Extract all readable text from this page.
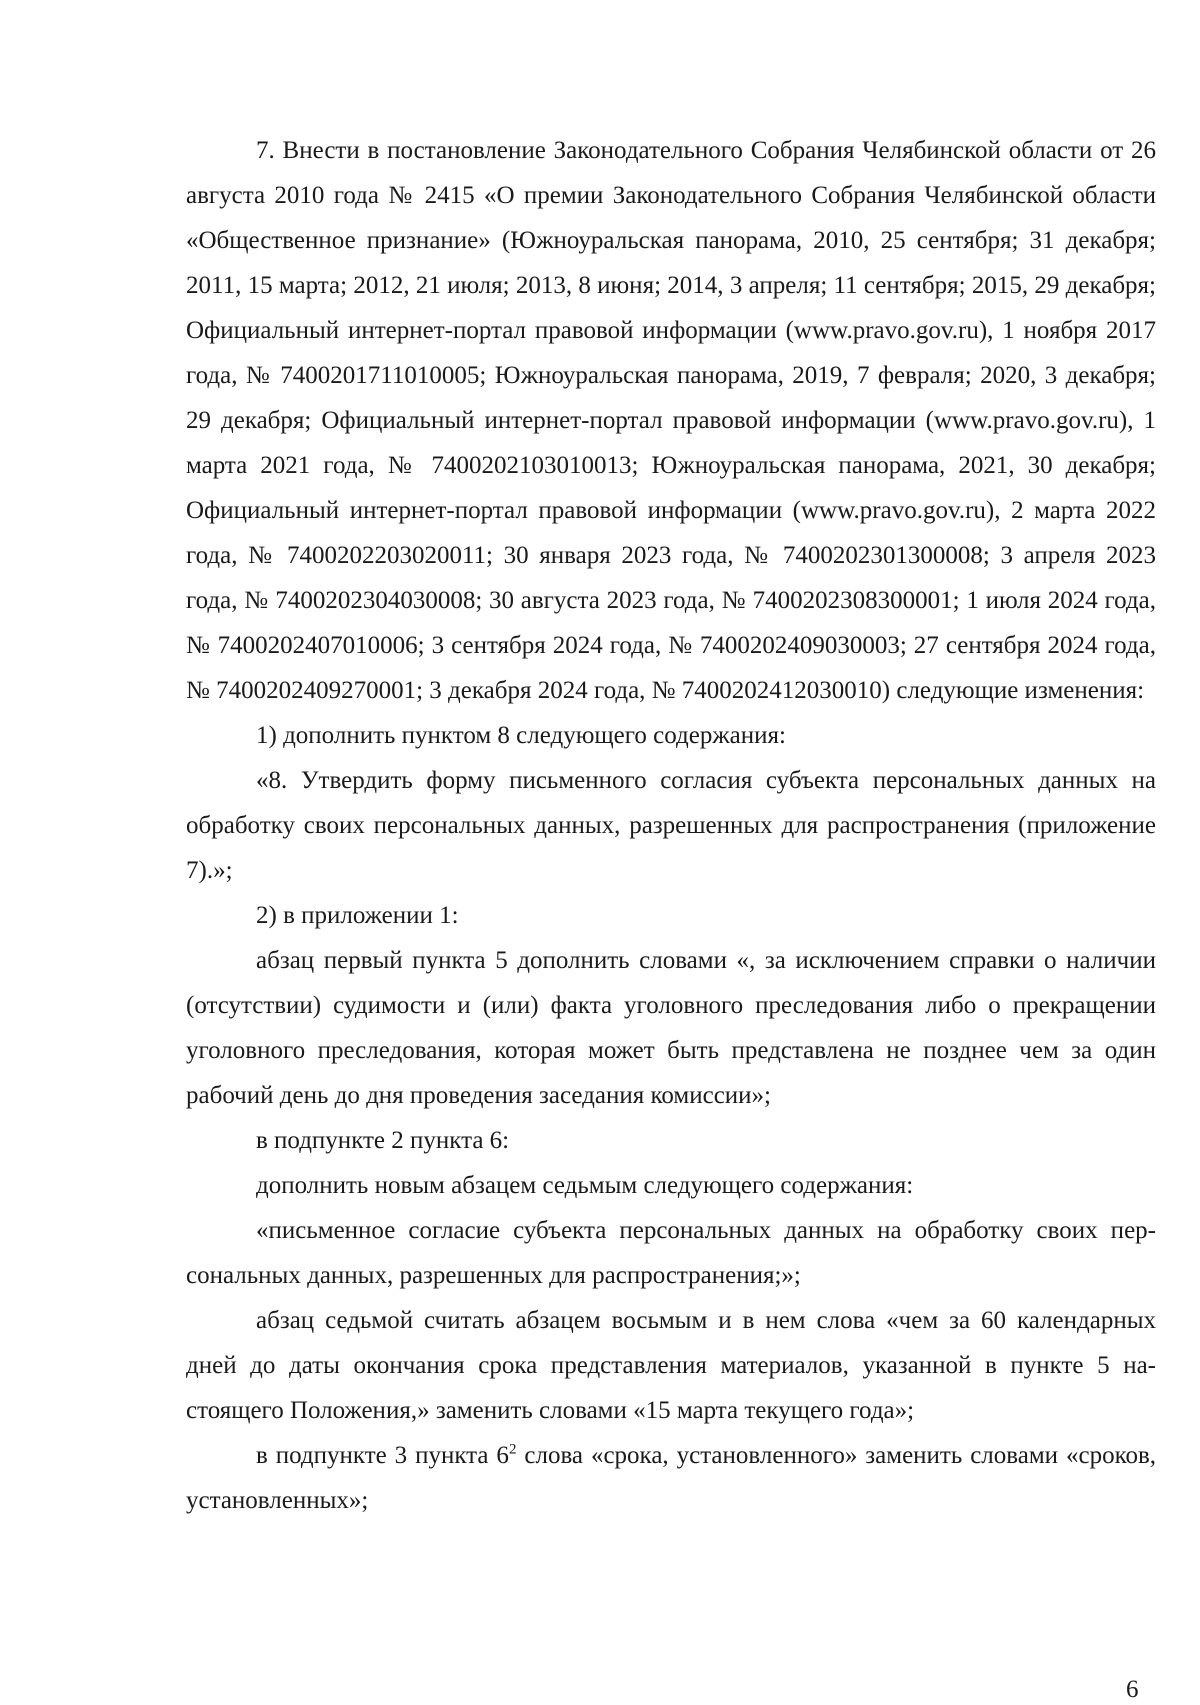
7. Внести в постановление Законодательного Собрания Челябинской области от 26 августа 2010 года № 2415 «О премии Законодательного Собрания Челябинской области «Общественное признание» (Южноуральская панорама, 2010, 25 сентября; 31 декабря; 2011, 15 марта; 2012, 21 июля; 2013, 8 июня; 2014, 3 апреля; 11 сентября; 2015, 29 декабря; Официальный интернет-портал правовой информации (www.pravo.gov.ru), 1 ноября 2017 года, № 7400201711010005; Южноуральская панорама, 2019, 7 февраля; 2020, 3 декабря; 29 декабря; Официальный интернет-портал правовой информации (www.pravo.gov.ru), 1 марта 2021 года, № 7400202103010013; Южноуральская панорама, 2021, 30 декабря; Официальный интернет-портал правовой информации (www.pravo.gov.ru), 2 марта 2022 года, № 7400202203020011; 30 января 2023 года, № 7400202301300008; 3 апреля 2023 года, № 7400202304030008; 30 августа 2023 года, № 7400202308300001; 1 июля 2024 года, № 7400202407010006; 3 сентября 2024 года, № 7400202409030003; 27 сентября 2024 года, № 7400202409270001; 3 декабря 2024 года, № 7400202412030010) следующие изменения:

1) дополнить пунктом 8 следующего содержания:

«8. Утвердить форму письменного согласия субъекта персональных данных на обработку своих персональных данных, разрешенных для распространения (приложение 7).»;

2) в приложении 1:

абзац первый пункта 5 дополнить словами «, за исключением справки о наличии (отсутствии) судимости и (или) факта уголовного преследования либо о прекращении уголовного преследования, которая может быть представлена не позднее чем за один рабочий день до дня проведения заседания комиссии»;

в подпункте 2 пункта 6:

дополнить новым абзацем седьмым следующего содержания:

«письменное согласие субъекта персональных данных на обработку своих персональных данных, разрешенных для распространения;»;

абзац седьмой считать абзацем восьмым и в нем слова «чем за 60 календарных дней до даты окончания срока представления материалов, указанной в пункте 5 настоящего Положения,» заменить словами «15 марта текущего года»;

в подпункте 3 пункта $6^2$ слова «срока, установленного» заменить словами «сроков, установленных»;

6
